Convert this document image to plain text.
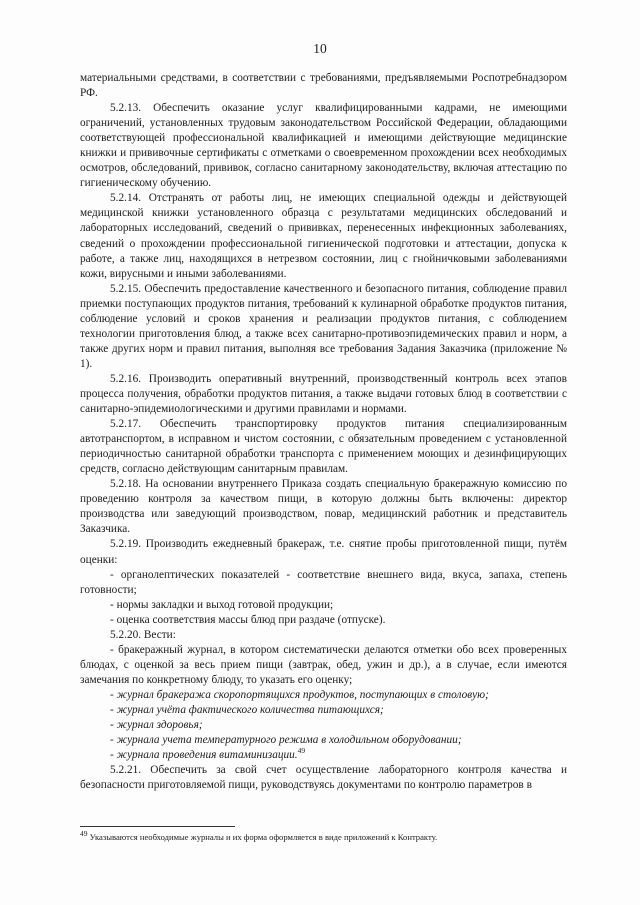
10

материальными средствами, в соответствии с требованиями, предъявляемыми Роспотребнадзором РФ.

5.2.13. Обеспечить оказание услуг квалифицированными кадрами, не имеющими ограничений, установленных трудовым законодательством Российской Федерации, обладающими соответствующей профессиональной квалификацией и имеющими действующие медицинские книжки и прививочные сертификаты с отметками о своевременном прохождении всех необходимых осмотров, обследований, прививок, согласно санитарному законодательству, включая аттестацию по гигиеническому обучению.

5.2.14. Отстранять от работы лиц, не имеющих специальной одежды и действующей медицинской книжки установленного образца с результатами медицинских обследований и лабораторных исследований, сведений о прививках, перенесенных инфекционных заболеваниях, сведений о прохождении профессиональной гигиенической подготовки и аттестации, допуска к работе, а также лиц, находящихся в нетрезвом состоянии, лиц с гнойничковыми заболеваниями кожи, вирусными и иными заболеваниями.

5.2.15. Обеспечить предоставление качественного и безопасного питания, соблюдение правил приемки поступающих продуктов питания, требований к кулинарной обработке продуктов питания, соблюдение условий и сроков хранения и реализации продуктов питания, с соблюдением технологии приготовления блюд, а также всех санитарно-противоэпидемических правил и норм, а также других норм и правил питания, выполняя все требования Задания Заказчика (приложение № 1).

5.2.16. Производить оперативный внутренний, производственный контроль всех этапов процесса получения, обработки продуктов питания, а также выдачи готовых блюд в соответствии с санитарно-эпидемиологическими и другими правилами и нормами.

5.2.17. Обеспечить транспортировку продуктов питания специализированным автотранспортом, в исправном и чистом состоянии, с обязательным проведением с установленной периодичностью санитарной обработки транспорта с применением моющих и дезинфицирующих средств, согласно действующим санитарным правилам.

5.2.18. На основании внутреннего Приказа создать специальную бракеражную комиссию по проведению контроля за качеством пищи, в которую должны быть включены: директор производства или заведующий производством, повар, медицинский работник и представитель Заказчика.

5.2.19. Производить ежедневный бракераж, т.е. снятие пробы приготовленной пищи, путём оценки:

- органолептических показателей - соответствие внешнего вида, вкуса, запаха, степень готовности;

- нормы закладки и выход готовой продукции;

- оценка соответствия массы блюд при раздаче (отпуске).

5.2.20. Вести:

- бракеражный журнал, в котором систематически делаются отметки обо всех проверенных блюдах, с оценкой за весь прием пищи (завтрак, обед, ужин и др.), а в случае, если имеются замечания по конкретному блюду, то указать его оценку;

- журнал бракеража скоропортящихся продуктов, поступающих в столовую;

- журнал учёта фактического количества питающихся;

- журнал здоровья;

- журнала учета температурного режима в холодильном оборудовании;

- журнала проведения витаминизации.$^{49}$

5.2.21. Обеспечить за свой счет осуществление лабораторного контроля качества и безопасности приготовляемой пищи, руководствуясь документами по контролю параметров в

$^{49}$ Указываются необходимые журналы и их форма оформляется в виде приложений к Контракту.
